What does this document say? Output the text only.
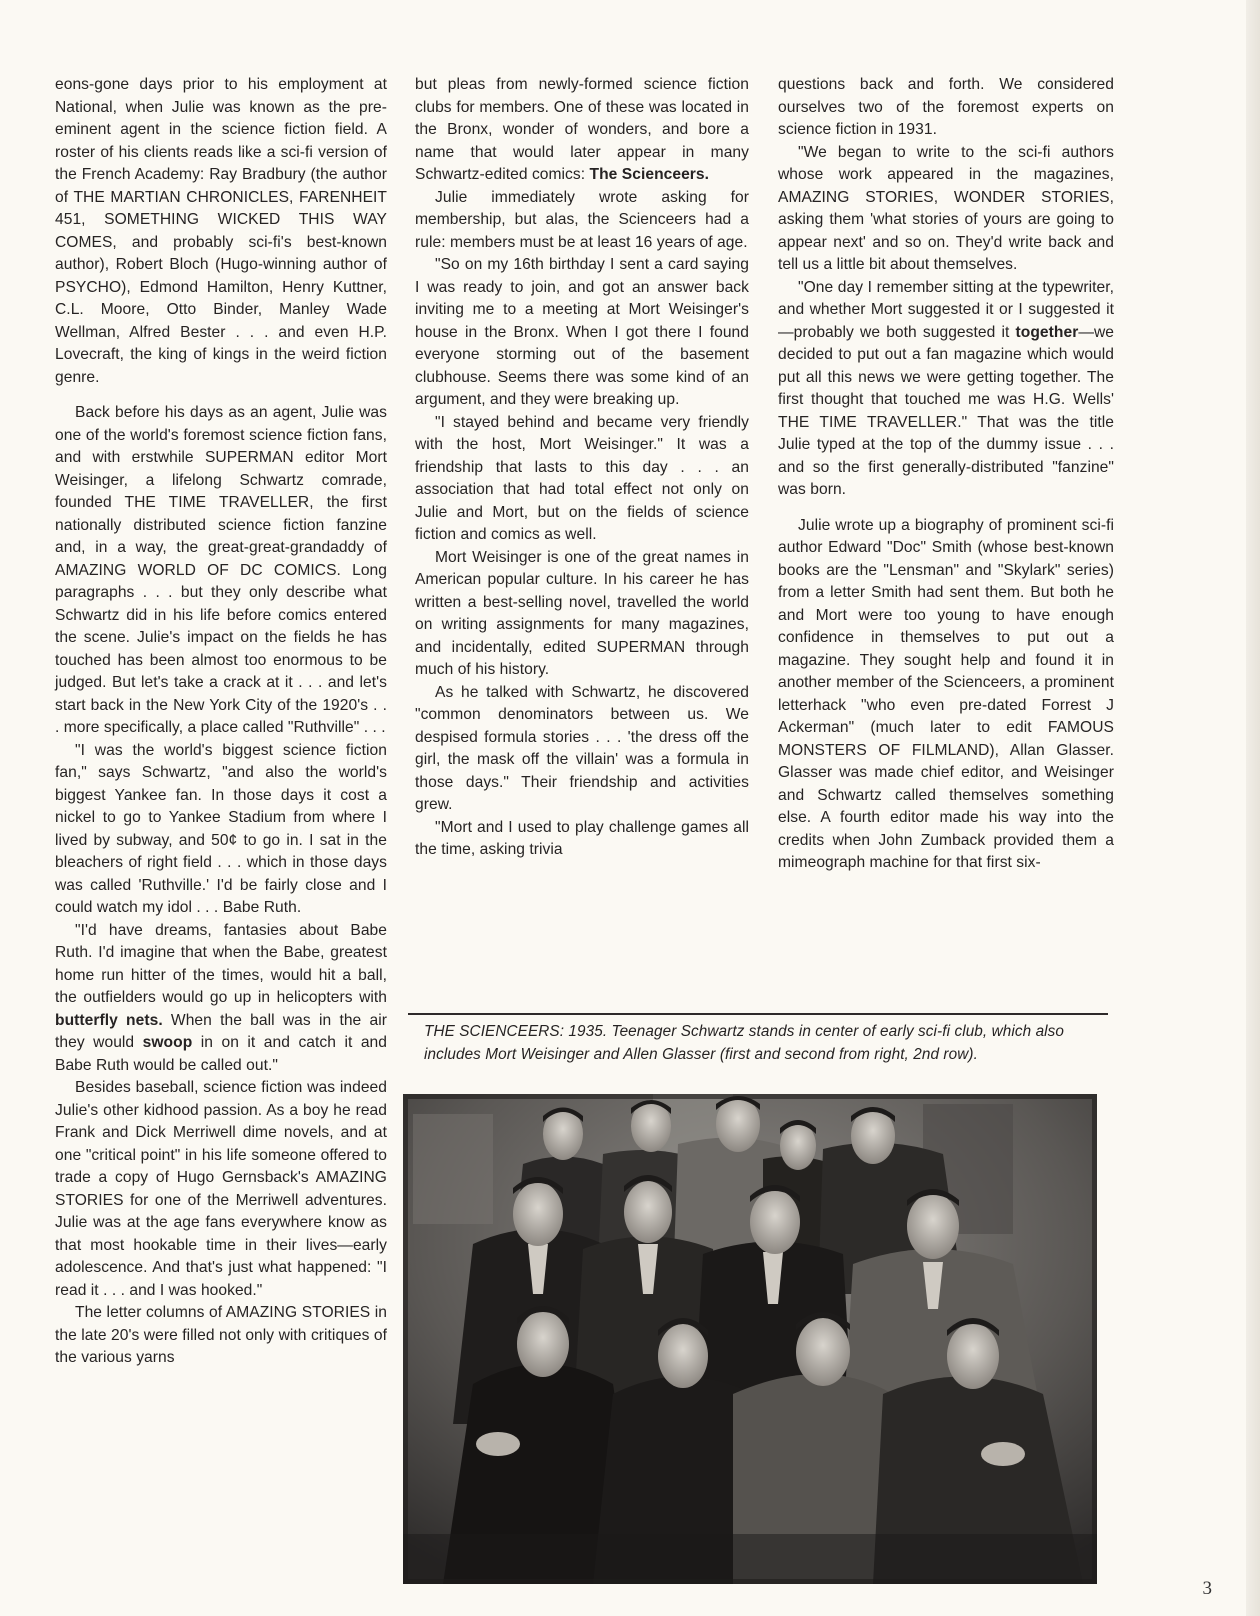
eons-gone days prior to his employment at National, when Julie was known as the pre-eminent agent in the science fiction field. A roster of his clients reads like a sci-fi version of the French Academy: Ray Bradbury (the author of THE MARTIAN CHRONICLES, FARENHEIT 451, SOMETHING WICKED THIS WAY COMES, and probably sci-fi's best-known author), Robert Bloch (Hugo-winning author of PSYCHO), Edmond Hamilton, Henry Kuttner, C.L. Moore, Otto Binder, Manley Wade Wellman, Alfred Bester . . . and even H.P. Lovecraft, the king of kings in the weird fiction genre.

Back before his days as an agent, Julie was one of the world's foremost science fiction fans, and with erstwhile SUPERMAN editor Mort Weisinger, a lifelong Schwartz comrade, founded THE TIME TRAVELLER, the first nationally distributed science fiction fanzine and, in a way, the great-great-grandaddy of AMAZING WORLD OF DC COMICS. Long paragraphs . . . but they only describe what Schwartz did in his life before comics entered the scene. Julie's impact on the fields he has touched has been almost too enormous to be judged. But let's take a crack at it . . . and let's start back in the New York City of the 1920's . . . more specifically, a place called "Ruthville" . . .

"I was the world's biggest science fiction fan," says Schwartz, "and also the world's biggest Yankee fan. In those days it cost a nickel to go to Yankee Stadium from where I lived by subway, and 50¢ to go in. I sat in the bleachers of right field . . . which in those days was called 'Ruthville.' I'd be fairly close and I could watch my idol . . . Babe Ruth.

"I'd have dreams, fantasies about Babe Ruth. I'd imagine that when the Babe, greatest home run hitter of the times, would hit a ball, the outfielders would go up in helicopters with butterfly nets. When the ball was in the air they would swoop in on it and catch it and Babe Ruth would be called out."

Besides baseball, science fiction was indeed Julie's other kidhood passion. As a boy he read Frank and Dick Merriwell dime novels, and at one "critical point" in his life someone offered to trade a copy of Hugo Gernsback's AMAZING STORIES for one of the Merriwell adventures. Julie was at the age fans everywhere know as that most hookable time in their lives—early adolescence. And that's just what happened: "I read it . . . and I was hooked."

The letter columns of AMAZING STORIES in the late 20's were filled not only with critiques of the various yarns

but pleas from newly-formed science fiction clubs for members. One of these was located in the Bronx, wonder of wonders, and bore a name that would later appear in many Schwartz-edited comics: The Scienceers.

Julie immediately wrote asking for membership, but alas, the Scienceers had a rule: members must be at least 16 years of age.

"So on my 16th birthday I sent a card saying I was ready to join, and got an answer back inviting me to a meeting at Mort Weisinger's house in the Bronx. When I got there I found everyone storming out of the basement clubhouse. Seems there was some kind of an argument, and they were breaking up.

"I stayed behind and became very friendly with the host, Mort Weisinger." It was a friendship that lasts to this day . . . an association that had total effect not only on Julie and Mort, but on the fields of science fiction and comics as well.

Mort Weisinger is one of the great names in American popular culture. In his career he has written a best-selling novel, travelled the world on writing assignments for many magazines, and incidentally, edited SUPERMAN through much of his history.

As he talked with Schwartz, he discovered "common denominators between us. We despised formula stories . . . 'the dress off the girl, the mask off the villain' was a formula in those days." Their friendship and activities grew.

"Mort and I used to play challenge games all the time, asking trivia

questions back and forth. We considered ourselves two of the foremost experts on science fiction in 1931.

"We began to write to the sci-fi authors whose work appeared in the magazines, AMAZING STORIES, WONDER STORIES, asking them 'what stories of yours are going to appear next' and so on. They'd write back and tell us a little bit about themselves.

"One day I remember sitting at the typewriter, and whether Mort suggested it or I suggested it—probably we both suggested it together—we decided to put out a fan magazine which would put all this news we were getting together. The first thought that touched me was H.G. Wells' THE TIME TRAVELLER." That was the title Julie typed at the top of the dummy issue . . . and so the first generally-distributed "fanzine" was born.

Julie wrote up a biography of prominent sci-fi author Edward "Doc" Smith (whose best-known books are the "Lensman" and "Skylark" series) from a letter Smith had sent them. But both he and Mort were too young to have enough confidence in themselves to put out a magazine. They sought help and found it in another member of the Scienceers, a prominent letterhack "who even pre-dated Forrest J Ackerman" (much later to edit FAMOUS MONSTERS OF FILMLAND), Allan Glasser. Glasser was made chief editor, and Weisinger and Schwartz called themselves something else. A fourth editor made his way into the credits when John Zumback provided them a mimeograph machine for that first six-

THE SCIENCEERS: 1935. Teenager Schwartz stands in center of early sci-fi club, which also includes Mort Weisinger and Allen Glasser (first and second from right, 2nd row).
3
